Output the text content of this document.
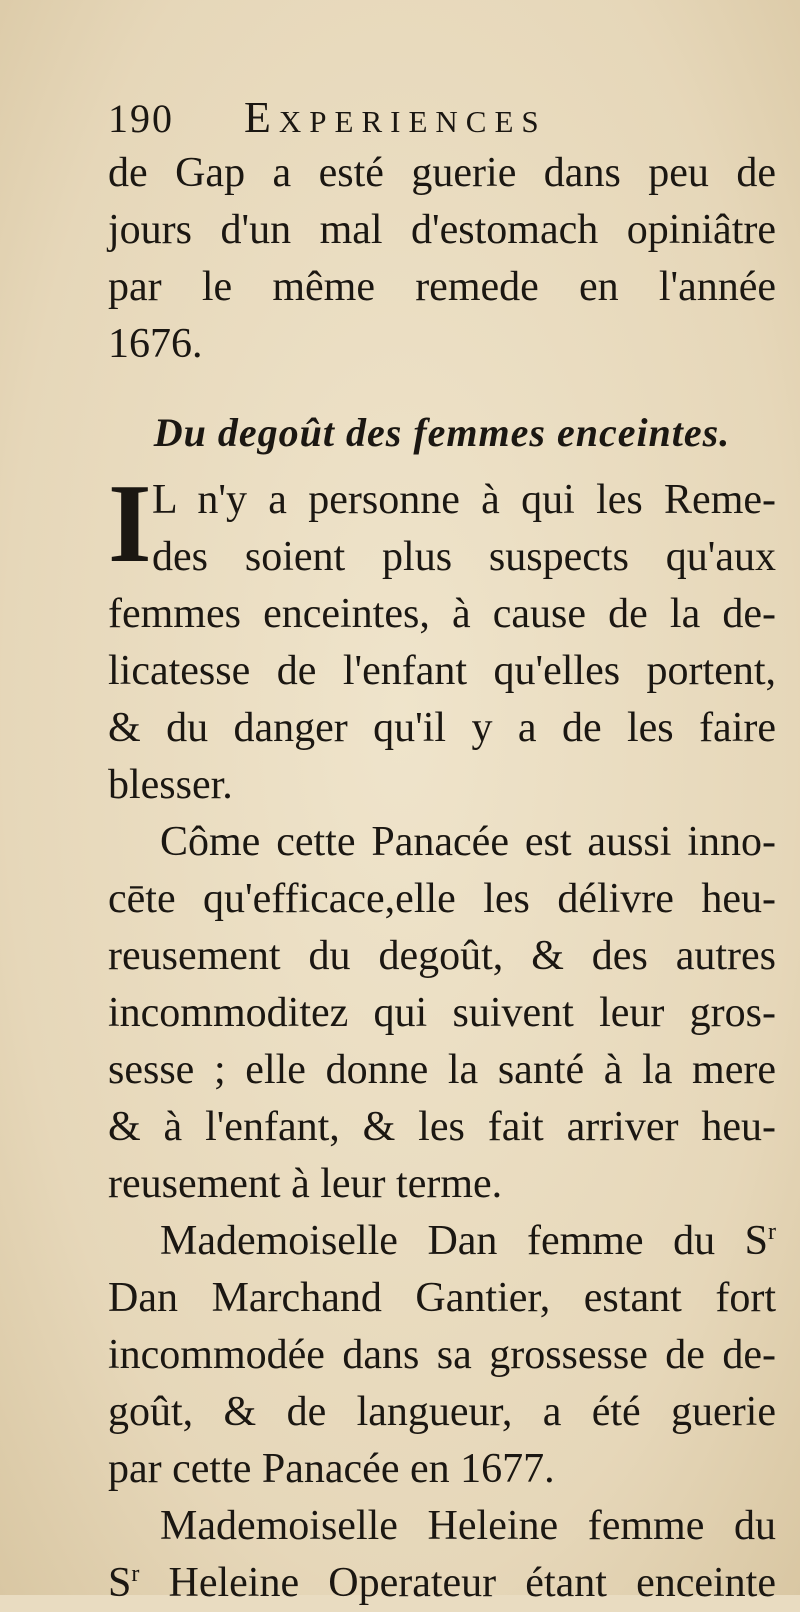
190 Experiences
de Gap a esté guerie dans peu de
jours d'un mal d'estomach opiniâtre
par le même remede en l'année
1676.
Du degoût des femmes enceintes.
I L n'y a personne à qui les Reme-
des soient plus suspects qu'aux
femmes enceintes, à cause de la de-
licatesse de l'enfant qu'elles portent,
& du danger qu'il y a de les faire
blesser.
Côme cette Panacée est aussi inno-
cēte qu'efficace,elle les délivre heu-
reusement du degoût, & des autres
incommoditez qui suivent leur gros-
sesse ; elle donne la santé à la mere
& à l'enfant, & les fait arriver heu-
reusement à leur terme.
Mademoiselle Dan femme du $S^r$
Dan Marchand Gantier, estant fort
incommodée dans sa grossesse de de-
goût, & de langueur, a été guerie
par cette Panacée en 1677.
Mademoiselle Heleine femme du
$S^r$ Heleine Operateur étant enceinte
